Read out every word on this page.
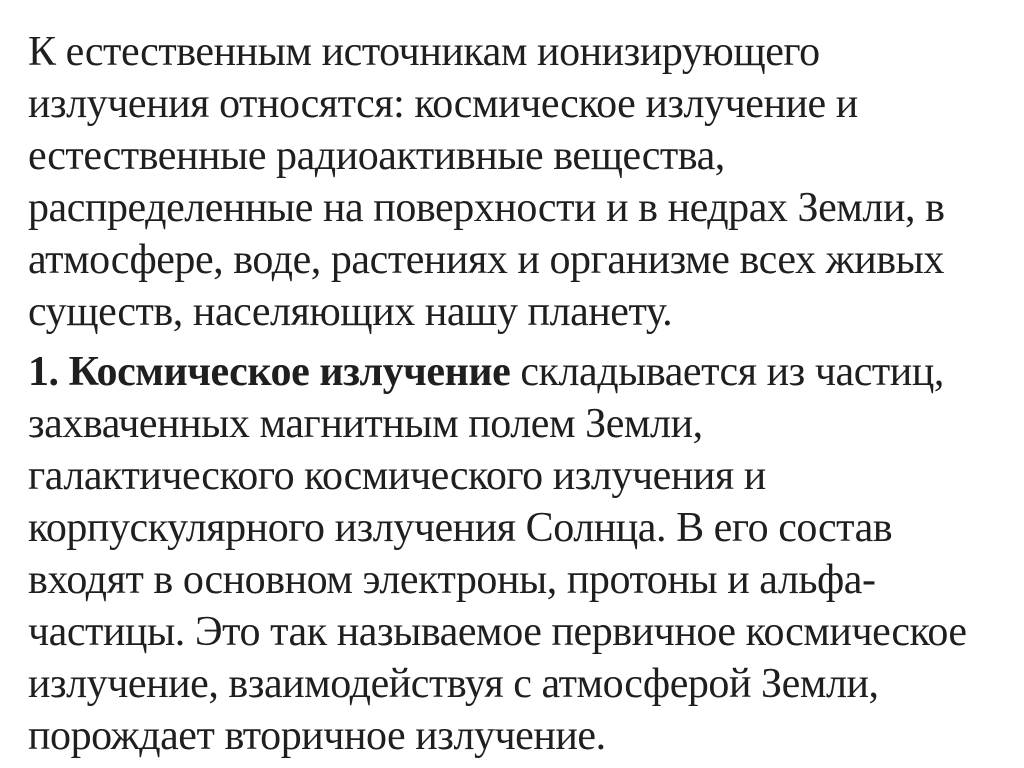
К естественным источникам ионизирующего
излучения относятся: космическое излучение и
естественные радиоактивные вещества,
распределенные на поверхности и в недрах Земли, в
атмосфере, воде, растениях и организме всех живых
существ, населяющих нашу планету.

1. Космическое излучение складывается из частиц,
захваченных магнитным полем Земли,
галактического космического излучения и
корпускулярного излучения Солнца. В его состав
входят в основном электроны, протоны и альфа-
частицы. Это так называемое первичное космическое
излучение, взаимодействуя с атмосферой Земли,
порождает вторичное излучение.
